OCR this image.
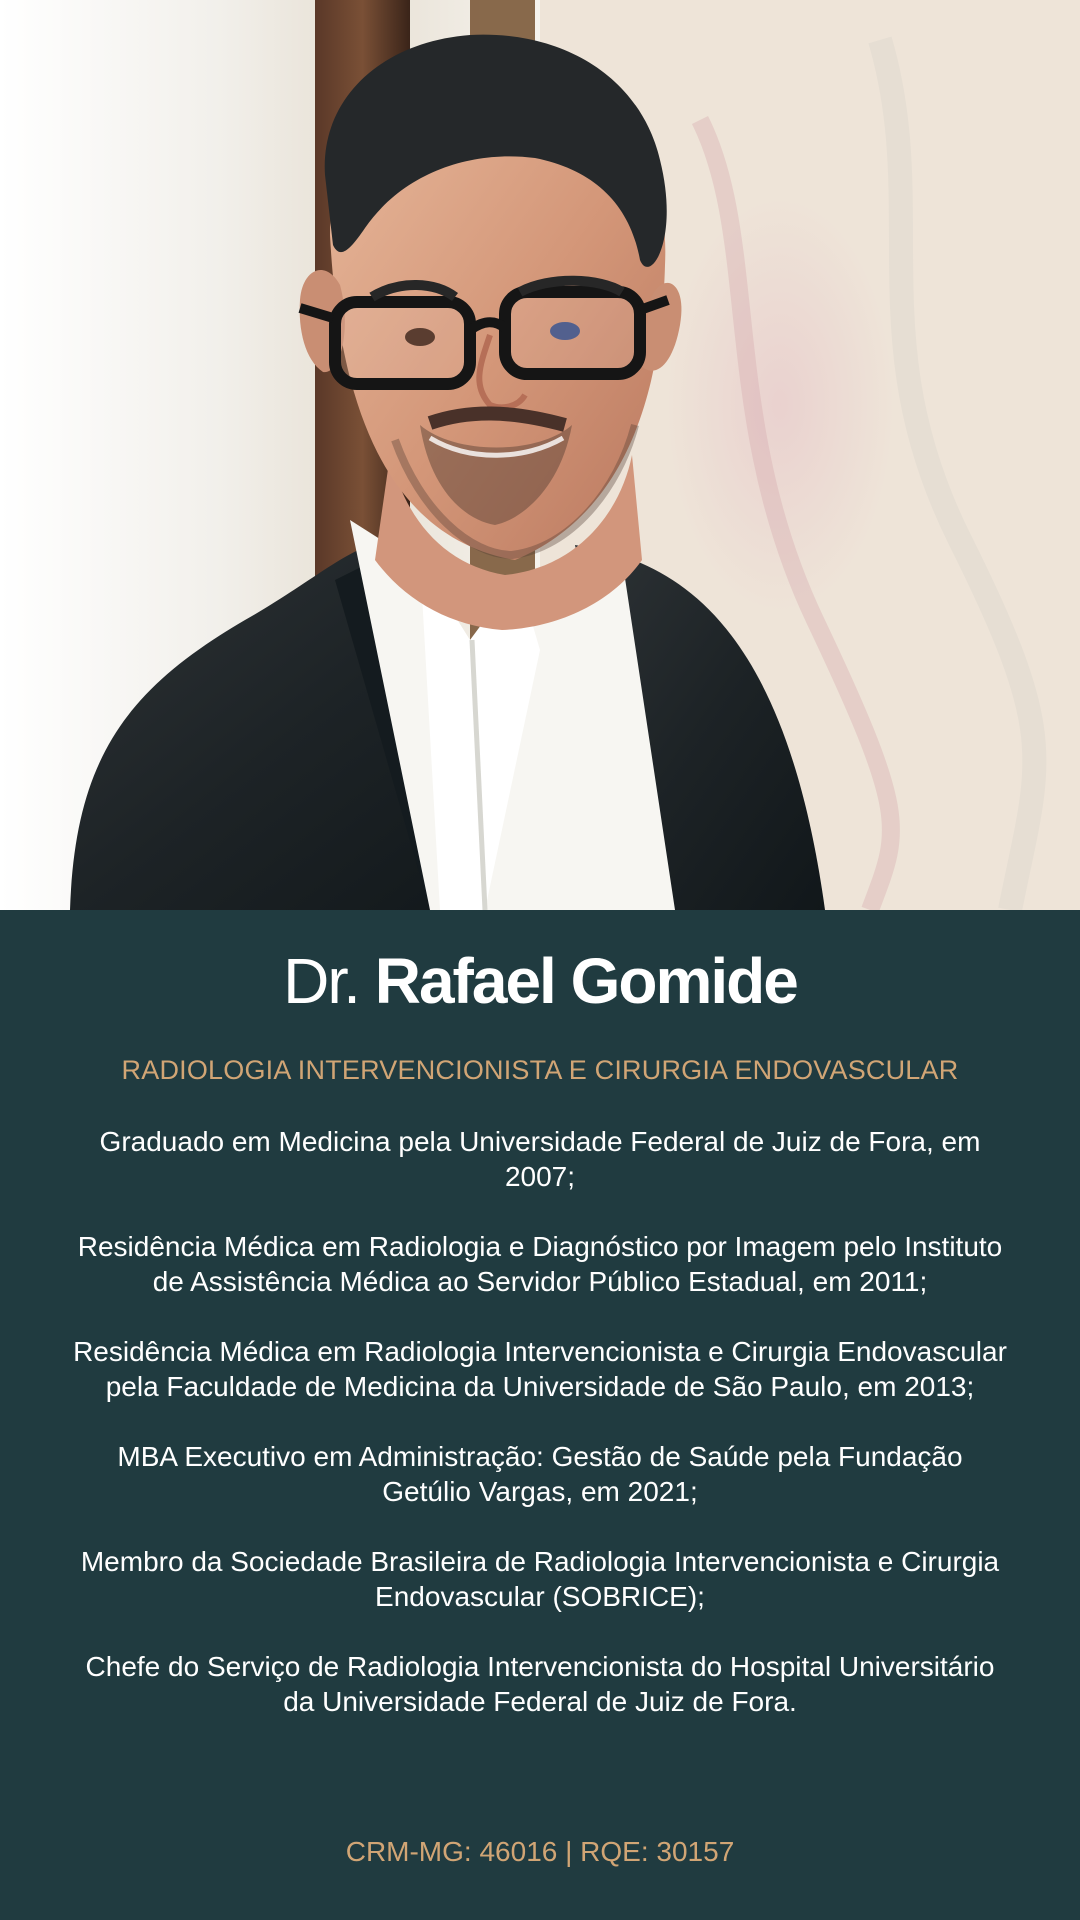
Dr. Rafael Gomide

RADIOLOGIA INTERVENCIONISTA E CIRURGIA ENDOVASCULAR

Graduado em Medicina pela Universidade Federal de Juiz de Fora, em 2007;
Residência Médica em Radiologia e Diagnóstico por Imagem pelo Instituto de Assistência Médica ao Servidor Público Estadual, em 2011;
Residência Médica em Radiologia Intervencionista e Cirurgia Endovascular pela Faculdade de Medicina da Universidade de São Paulo, em 2013;
MBA Executivo em Administração: Gestão de Saúde pela Fundação Getúlio Vargas, em 2021;
Membro da Sociedade Brasileira de Radiologia Intervencionista e Cirurgia Endovascular (SOBRICE);
Chefe do Serviço de Radiologia Intervencionista do Hospital Universitário da Universidade Federal de Juiz de Fora.

CRM-MG: 46016 | RQE: 30157
